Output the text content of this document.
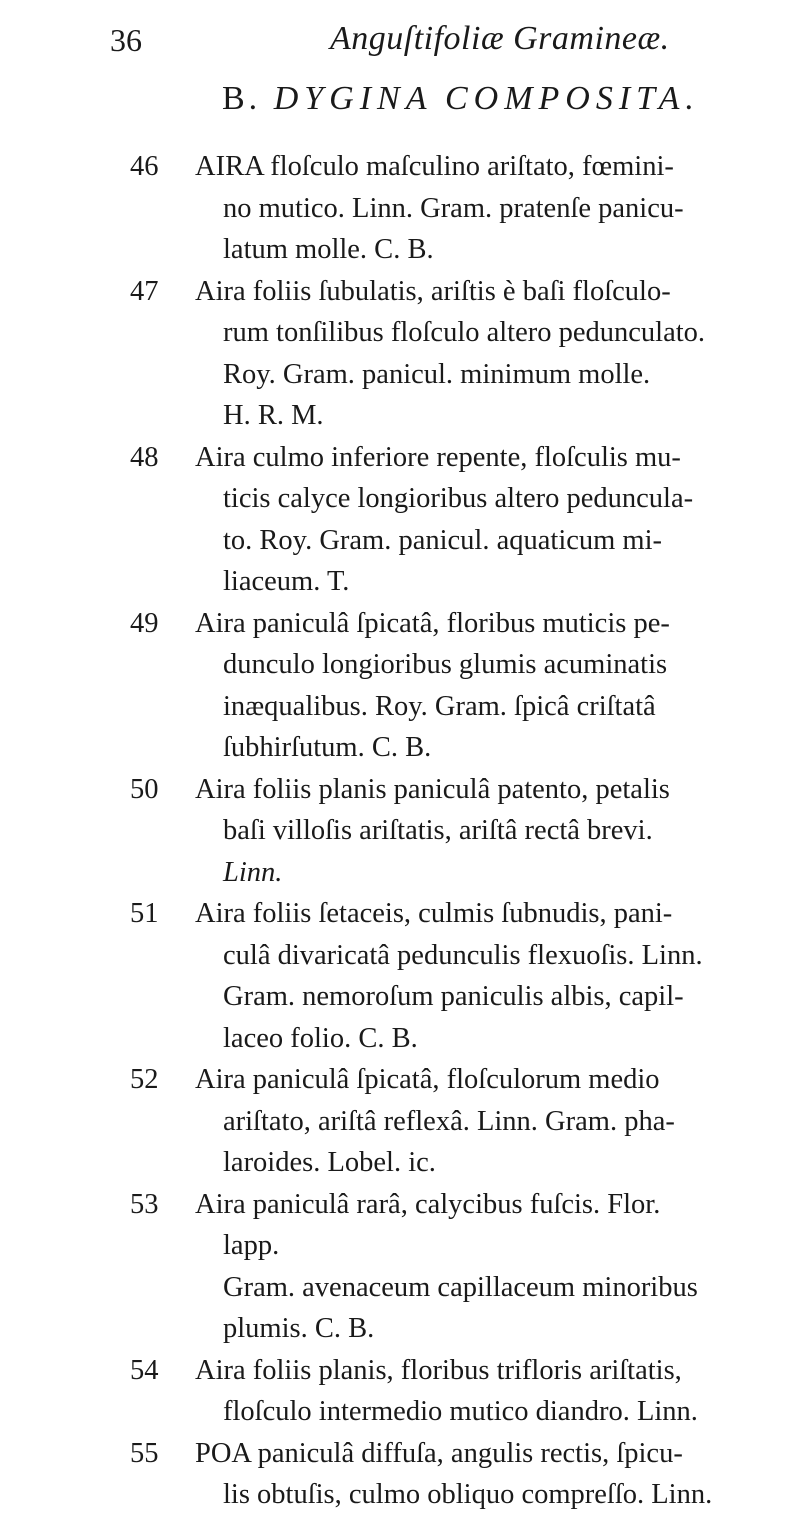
36	Anguſtifoliæ Gramineæ.
B. DYGINA COMPOSITA.
46	AIRA floſculo maſculino ariſtato, fœmini-
no mutico. Linn. Gram. pratenſe panicu-
latum molle. C. B.
47	Aira foliis ſubulatis, ariſtis è baſi floſculo-
rum tonſilibus floſculo altero pedunculato.
Roy. Gram. panicul. minimum molle.
H. R. M.
48	Aira culmo inferiore repente, floſculis mu-
ticis calyce longioribus altero peduncula-
to. Roy. Gram. panicul. aquaticum mi-
liaceum. T.
49	Aira paniculâ ſpicatâ, floribus muticis pe-
dunculo longioribus glumis acuminatis
inæqualibus. Roy. Gram. ſpicâ criſtatâ
ſubhirſutum. C. B.
50	Aira foliis planis paniculâ patento, petalis
baſi villoſis ariſtatis, ariſtâ rectâ brevi.
Linn.
51	Aira foliis ſetaceis, culmis ſubnudis, pani-
culâ divaricatâ pedunculis flexuoſis. Linn.
Gram. nemoroſum paniculis albis, capil-
laceo folio. C. B.
52	Aira paniculâ ſpicatâ, floſculorum medio
ariſtato, ariſtâ reflexâ. Linn. Gram. pha-
laroides. Lobel. ic.
53	Aira paniculâ rarâ, calycibus fuſcis. Flor.
lapp.
Gram. avenaceum capillaceum minoribus
plumis. C. B.
54	Aira foliis planis, floribus trifloris ariſtatis,
floſculo intermedio mutico diandro. Linn.
55	POA paniculâ diffuſa, angulis rectis, ſpicu-
lis obtuſis, culmo obliquo compreſſo. Linn.
